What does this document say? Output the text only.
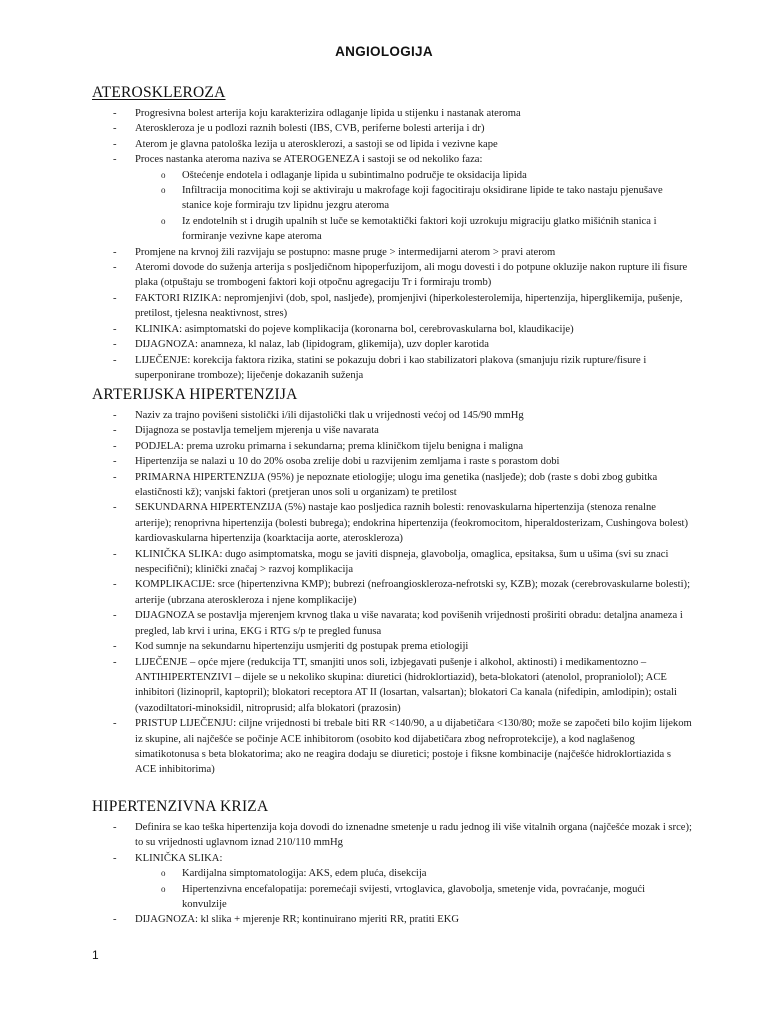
ANGIOLOGIJA
ATEROSKLEROZA
- Progresivna bolest arterija koju karakterizira odlaganje lipida u stijenku i nastanak ateroma
- Ateroskleroza je u podlozi raznih bolesti (IBS, CVB, periferne bolesti arterija i dr)
- Aterom je glavna patološka lezija u aterosklerozi, a sastoji se od lipida i vezivne kape
- Proces nastanka ateroma naziva se ATEROGENEZA i sastoji se od nekoliko faza:
o Oštećenje endotela i odlaganje lipida u subintimalno područje te oksidacija lipida
o Infiltracija monocitima koji se aktiviraju u makrofage koji fagocitiraju oksidirane lipide te tako nastaju pjenušave stanice koje formiraju tzv lipidnu jezgru ateroma
o Iz endotelnih st i drugih upalnih st luče se kemotaktički faktori koji uzrokuju migraciju glatko mišićnih stanica i formiranje vezivne kape ateroma
- Promjene na krvnoj žili razvijaju se postupno: masne pruge > intermedijarni aterom > pravi aterom
- Ateromi dovode do suženja arterija s posljedičnom hipoperfuzijom, ali mogu dovesti i do potpune okluzije nakon rupture ili fisure plaka (otpuštaju se trombogeni faktori koji otpočnu agregaciju Tr i formiraju tromb)
- FAKTORI RIZIKA: nepromjenjivi (dob, spol, nasljeđe), promjenjivi (hiperkolesterolemija, hipertenzija, hiperglikemija, pušenje, pretilost, tjelesna neaktivnost, stres)
- KLINIKA: asimptomatski do pojeve komplikacija (koronarna bol, cerebrovaskularna bol, klaudikacije)
- DIJAGNOZA: anamneza, kl nalaz, lab (lipidogram, glikemija), uzv dopler karotida
- LIJEČENJE: korekcija faktora rizika, statini se pokazuju dobri i kao stabilizatori plakova (smanjuju rizik rupture/fisure i superponirane tromboze); liječenje dokazanih suženja
ARTERIJSKA HIPERTENZIJA
- Naziv za trajno povišeni sistolički i/ili dijastolički tlak u vrijednosti većoj od 145/90 mmHg
- Dijagnoza se postavlja temeljem mjerenja u više navarata
- PODJELA: prema uzroku primarna i sekundarna; prema kliničkom tijelu benigna i maligna
- Hipertenzija se nalazi u 10 do 20% osoba zrelije dobi u razvijenim zemljama i raste s porastom dobi
- PRIMARNA HIPERTENZIJA (95%) je nepoznate etiologije; ulogu ima genetika (nasljeđe); dob (raste s dobi zbog gubitka elastičnosti kž); vanjski faktori (pretjeran unos soli u organizam) te pretilost
- SEKUNDARNA HIPERTENZIJA (5%) nastaje kao posljedica raznih bolesti: renovaskularna hipertenzija (stenoza renalne arterije); renoprivna hipertenzija (bolesti bubrega); endokrina hipertenzija (feokromocitom, hiperaldosterizam, Cushingova bolest) kardiovaskularna hipertenzija (koarktacija aorte, ateroskleroza)
- KLINIČKA SLIKA: dugo asimptomatska, mogu se javiti dispneja, glavobolja, omaglica, epsitaksa, šum u ušima (svi su znaci nespecifični); klinički značaj > razvoj komplikacija
- KOMPLIKACIJE: srce (hipertenzivna KMP); bubrezi (nefroangioskleroza-nefrotski sy, KZB); mozak (cerebrovaskularne bolesti); arterije (ubrzana ateroskleroza i njene komplikacije)
- DIJAGNOZA se postavlja mjerenjem krvnog tlaka u više navarata; kod povišenih vrijednosti proširiti obradu: detaljna anameza i pregled, lab krvi i urina, EKG i RTG s/p te pregled funusa
- Kod sumnje na sekundarnu hipertenziju usmjeriti dg postupak prema etiologiji
- LIJEČENJE – opće mjere (redukcija TT, smanjiti unos soli, izbjegavati pušenje i alkohol, aktinosti) i medikamentozno – ANTIHIPERTENZIVI – dijele se u nekoliko skupina: diuretici (hidroklortiazid), beta-blokatori (atenolol, propraniolol); ACE inhibitori (lizinopril, kaptopril); blokatori receptora AT II (losartan, valsartan); blokatori Ca kanala (nifedipin, amlodipin); ostali (vazodiltatori-minoksidil, nitroprusid; alfa blokatori (prazosin)
- PRISTUP LIJEČENJU: ciljne vrijednosti bi trebale biti RR <140/90, a u dijabetičara <130/80; može se započeti bilo kojim lijekom iz skupine, ali najčešće se počinje ACE inhibitorom (osobito kod dijabetičara zbog nefroprotekcije), a kod naglašenog simatikotonusa s beta blokatorima; ako ne reagira dodaju se diuretici; postoje i fiksne kombinacije (najčešće hidroklortiazida s ACE inhibitorima)
HIPERTENZIVNA KRIZA
- Definira se kao teška hipertenzija koja dovodi do iznenadne smetenje u radu jednog ili više vitalnih organa (najčešće mozak i srce); to su vrijednosti uglavnom iznad 210/110 mmHg
- KLINIČKA SLIKA:
o Kardijalna simptomatologija: AKS, edem pluća, disekcija
o Hipertenzivna encefalopatija: poremećaji svijesti, vrtoglavica, glavobolja, smetenje vida, povraćanje, mogući konvulzije
- DIJAGNOZA: kl slika + mjerenje RR; kontinuirano mjeriti RR, pratiti EKG
1
